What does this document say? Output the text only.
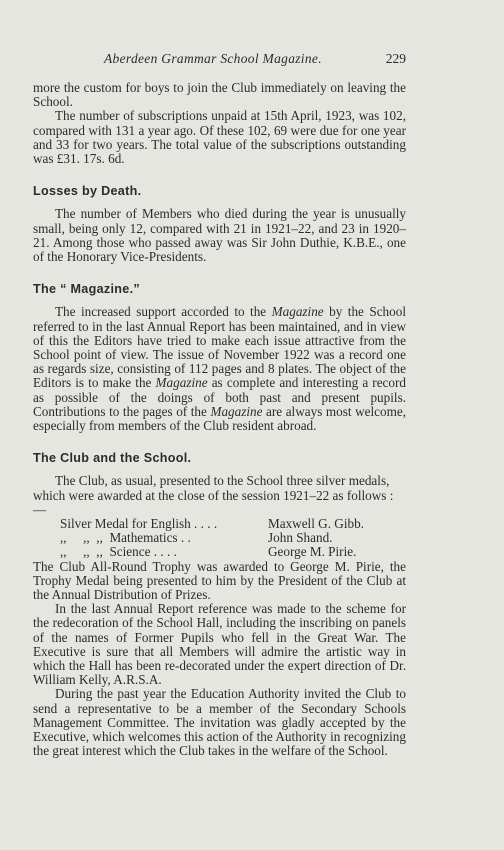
Aberdeen Grammar School Magazine.	229

more the custom for boys to join the Club immediately on leaving the School.

The number of subscriptions unpaid at 15th April, 1923, was 102, compared with 131 a year ago. Of these 102, 69 were due for one year and 33 for two years. The total value of the subscriptions outstanding was £31. 17s. 6d.

Losses by Death.

The number of Members who died during the year is unusually small, being only 12, compared with 21 in 1921–22, and 23 in 1920–21. Among those who passed away was Sir John Duthie, K.B.E., one of the Honorary Vice-Presidents.

The “ Magazine.”

The increased support accorded to the Magazine by the School referred to in the last Annual Report has been maintained, and in view of this the Editors have tried to make each issue attractive from the School point of view. The issue of November 1922 was a record one as regards size, consisting of 112 pages and 8 plates. The object of the Editors is to make the Magazine as complete and interesting a record as possible of the doings of both past and present pupils. Contributions to the pages of the Magazine are always most welcome, especially from members of the Club resident abroad.

The Club and the School.

The Club, as usual, presented to the School three silver medals, which were awarded at the close of the session 1921–22 as follows :—

Silver Medal for English . . . .	Maxwell G. Gibb.
,,     ,,  ,,  Mathematics . .	John Shand.
,,     ,,  ,,  Science . . . .	George M. Pirie.

The Club All-Round Trophy was awarded to George M. Pirie, the Trophy Medal being presented to him by the President of the Club at the Annual Distribution of Prizes.

In the last Annual Report reference was made to the scheme for the redecoration of the School Hall, including the inscribing on panels of the names of Former Pupils who fell in the Great War. The Executive is sure that all Members will admire the artistic way in which the Hall has been re-decorated under the expert direction of Dr. William Kelly, A.R.S.A.

During the past year the Education Authority invited the Club to send a representative to be a member of the Secondary Schools Management Committee. The invitation was gladly accepted by the Executive, which welcomes this action of the Authority in recognizing the great interest which the Club takes in the welfare of the School.
